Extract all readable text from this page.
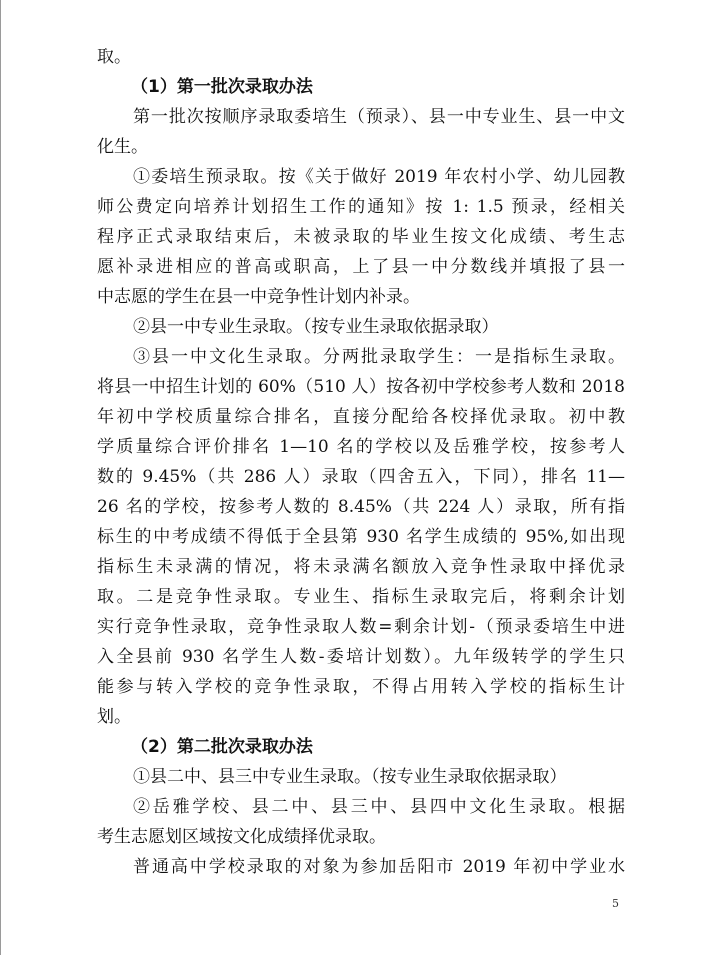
取。
（1）第一批次录取办法
第一批次按顺序录取委培生（预录）、县一中专业生、县一中文
化生。
①委培生预录取。按《关于做好 2019 年农村小学、幼儿园教
师公费定向培养计划招生工作的通知》按 1: 1.5 预录，经相关
程序正式录取结束后，未被录取的毕业生按文化成绩、考生志
愿补录进相应的普高或职高，上了县一中分数线并填报了县一
中志愿的学生在县一中竞争性计划内补录。
②县一中专业生录取。（按专业生录取依据录取）
③县一中文化生录取。分两批录取学生：一是指标生录取。
将县一中招生计划的 60%（510 人）按各初中学校参考人数和 2018
年初中学校质量综合排名，直接分配给各校择优录取。初中教
学质量综合评价排名 1—10 名的学校以及岳雅学校，按参考人
数的 9.45%（共 286 人）录取（四舍五入，下同），排名 11—
26 名的学校，按参考人数的 8.45%（共 224 人）录取，所有指
标生的中考成绩不得低于全县第 930 名学生成绩的 95%,如出现
指标生未录满的情况，将未录满名额放入竞争性录取中择优录
取。二是竞争性录取。专业生、指标生录取完后，将剩余计划
实行竞争性录取，竞争性录取人数=剩余计划-（预录委培生中进
入全县前 930 名学生人数-委培计划数）。九年级转学的学生只
能参与转入学校的竞争性录取，不得占用转入学校的指标生计
划。
（2）第二批次录取办法
①县二中、县三中专业生录取。（按专业生录取依据录取）
②岳雅学校、县二中、县三中、县四中文化生录取。根据
考生志愿划区域按文化成绩择优录取。
普通高中学校录取的对象为参加岳阳市 2019 年初中学业水
5
